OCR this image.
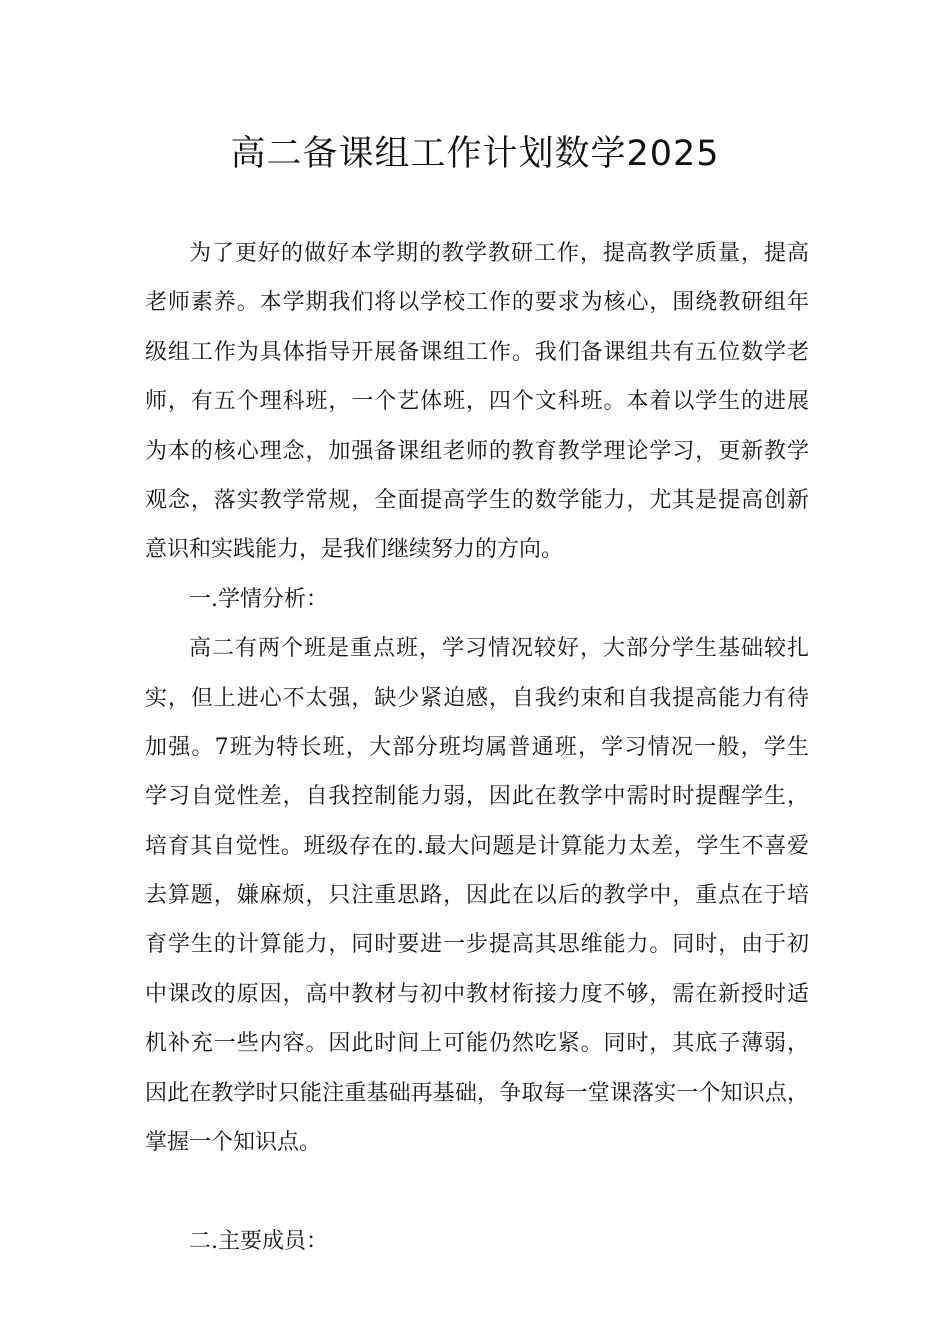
高二备课组工作计划数学2025
为了更好的做好本学期的教学教研工作，提高教学质量，提高
老师素养。本学期我们将以学校工作的要求为核心，围绕教研组年
级组工作为具体指导开展备课组工作。我们备课组共有五位数学老
师，有五个理科班，一个艺体班，四个文科班。本着以学生的进展
为本的核心理念，加强备课组老师的教育教学理论学习，更新教学
观念，落实教学常规，全面提高学生的数学能力，尤其是提高创新
意识和实践能力，是我们继续努力的方向。
一.学情分析：
高二有两个班是重点班，学习情况较好，大部分学生基础较扎
实，但上进心不太强，缺少紧迫感，自我约束和自我提高能力有待
加强。7班为特长班，大部分班均属普通班，学习情况一般，学生
学习自觉性差，自我控制能力弱，因此在教学中需时时提醒学生，
培育其自觉性。班级存在的.最大问题是计算能力太差，学生不喜爱
去算题，嫌麻烦，只注重思路，因此在以后的教学中，重点在于培
育学生的计算能力，同时要进一步提高其思维能力。同时，由于初
中课改的原因，高中教材与初中教材衔接力度不够，需在新授时适
机补充一些内容。因此时间上可能仍然吃紧。同时，其底子薄弱，
因此在教学时只能注重基础再基础，争取每一堂课落实一个知识点，
掌握一个知识点。
二.主要成员：
